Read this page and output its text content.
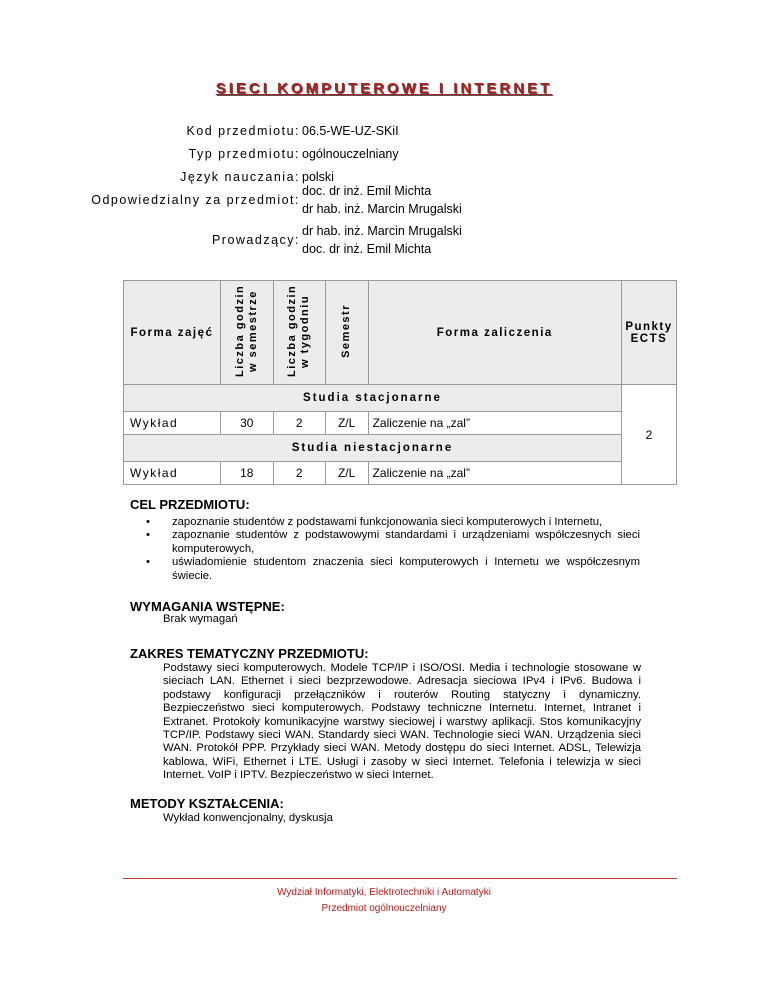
SIECI KOMPUTEROWE I INTERNET
Kod przedmiotu: 06.5-WE-UZ-SKiI
Typ przedmiotu: ogólnouczelniany
Język nauczania: polski
Odpowiedzialny za przedmiot:
doc. dr inż. Emil Michta
dr hab. inż. Marcin Mrugalski
Prowadzący:
dr hab. inż. Marcin Mrugalski
doc. dr inż. Emil Michta
Forma zajęć	Liczba godzin w semestrze	Liczba godzin w tygodniu	Semestr	Forma zaliczenia	Punkty ECTS
Studia stacjonarne					2
Wykład	30	2	Z/L	Zaliczenie na „zal”	
Studia niestacjonarne					
Wykład	18	2	Z/L	Zaliczenie na „zal”	
CEL PRZEDMIOTU:
• zapoznanie studentów z podstawami funkcjonowania sieci komputerowych i Internetu,
• zapoznanie studentów z podstawowymi standardami i urządzeniami współczesnych sieci komputerowych,
• uświadomienie studentom znaczenia sieci komputerowych i Internetu we współczesnym świecie.
WYMAGANIA WSTĘPNE:
Brak wymagań
ZAKRES TEMATYCZNY PRZEDMIOTU:
Podstawy sieci komputerowych. Modele TCP/IP i ISO/OSI. Media i technologie stosowane w sieciach LAN. Ethernet i sieci bezprzewodowe. Adresacja sieciowa IPv4 i IPv6. Budowa i podstawy konfiguracji przełączników i routerów Routing statyczny i dynamiczny. Bezpieczeństwo sieci komputerowych. Podstawy techniczne Internetu. Internet, Intranet i Extranet. Protokoły komunikacyjne warstwy sieciowej i warstwy aplikacji. Stos komunikacyjny TCP/IP. Podstawy sieci WAN. Standardy sieci WAN. Technologie sieci WAN. Urządzenia sieci WAN. Protokół PPP. Przykłady sieci WAN. Metody dostępu do sieci Internet. ADSL, Telewizja kablowa, WiFi, Ethernet i LTE. Usługi i zasoby w sieci Internet. Telefonia i telewizja w sieci Internet. VoIP i IPTV. Bezpieczeństwo w sieci Internet.
METODY KSZTAŁCENIA:
Wykład konwencjonalny, dyskusja
Wydział Informatyki, Elektrotechniki i Automatyki
Przedmiot ogólnouczelniany
